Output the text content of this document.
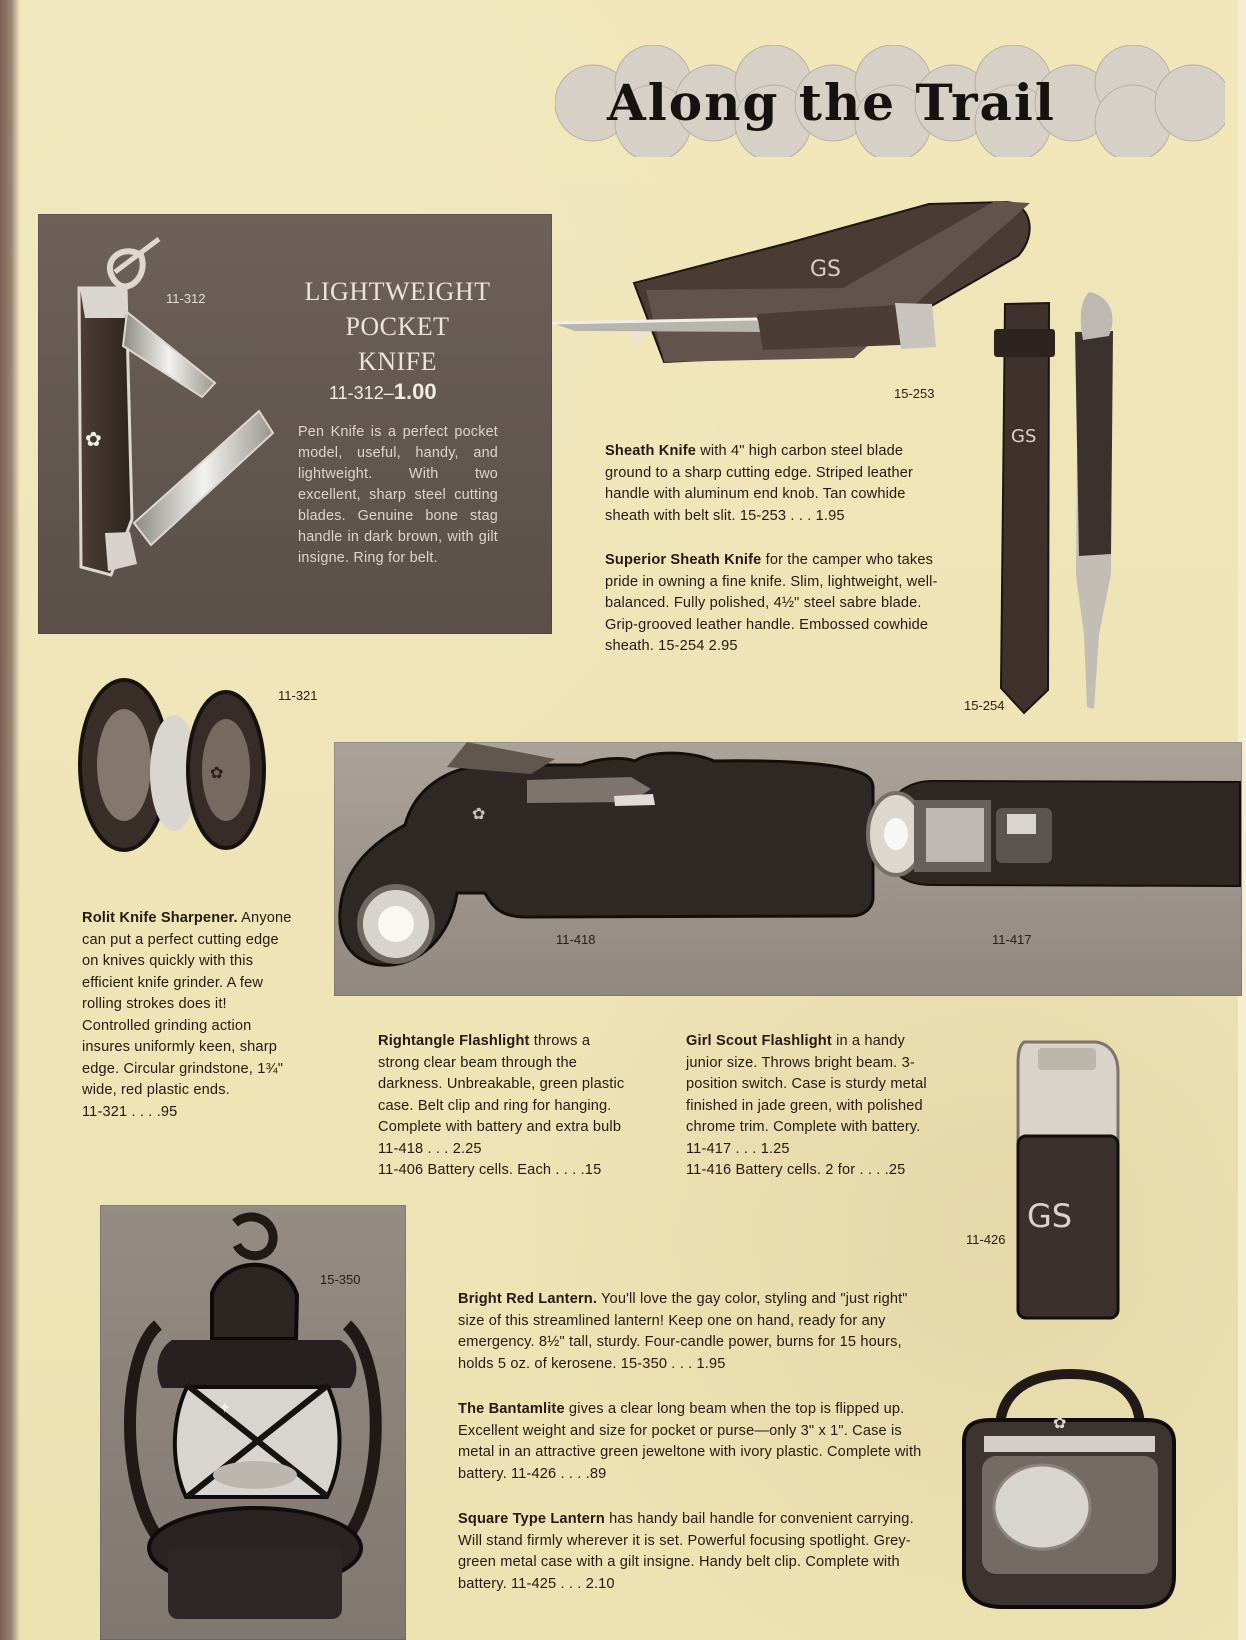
Along the Trail
✿
11-312	LIGHTWEIGHT
POCKET
KNIFE
11-312–1.00
Pen Knife is a perfect pocket model, useful, handy, and lightweight. With two excellent, sharp steel cutting blades. Genuine bone stag handle in dark brown, with gilt insigne. Ring for belt.
GS
✿
15-253
GS
15-254
Sheath Knife with 4" high carbon steel blade ground to a sharp cutting edge. Striped leather handle with aluminum end knob. Tan cowhide sheath with belt slit. 15-253 . . . 1.95
Superior Sheath Knife for the camper who takes pride in owning a fine knife. Slim, lightweight, well-balanced. Fully polished, 4½" steel sabre blade. Grip-grooved leather handle. Embossed cowhide sheath. 15-254 2.95
✿
11-321
Rolit Knife Sharpener. Anyone can put a perfect cutting edge on knives quickly with this efficient knife grinder. A few rolling strokes does it! Controlled grinding action insures uniformly keen, sharp edge. Circular grindstone, 1¾" wide, red plastic ends. 11-321 . . . .95
✿
11-418	11-417
Rightangle Flashlight throws a strong clear beam through the darkness. Unbreakable, green plastic case. Belt clip and ring for hanging. Complete with battery and extra bulb 11-418 . . . 2.25
11-406 Battery cells. Each . . . .15
Girl Scout Flashlight in a handy junior size. Throws bright beam. 3-position switch. Case is sturdy metal finished in jade green, with polished chrome trim. Complete with battery. 11-417 . . . 1.25
11-416 Battery cells. 2 for . . . .25
GS
11-426
✦
15-350
Bright Red Lantern. You'll love the gay color, styling and "just right" size of this streamlined lantern! Keep one on hand, ready for any emergency. 8½" tall, sturdy. Four-candle power, burns for 15 hours, holds 5 oz. of kerosene. 15-350 . . . 1.95
The Bantamlite gives a clear long beam when the top is flipped up. Excellent weight and size for pocket or purse—only 3" x 1". Case is metal in an attractive green jeweltone with ivory plastic. Complete with battery. 11-426 . . . .89
Square Type Lantern has handy bail handle for convenient carrying. Will stand firmly wherever it is set. Powerful focusing spotlight. Grey-green metal case with a gilt insigne. Handy belt clip. Complete with battery. 11-425 . . . 2.10
✿
